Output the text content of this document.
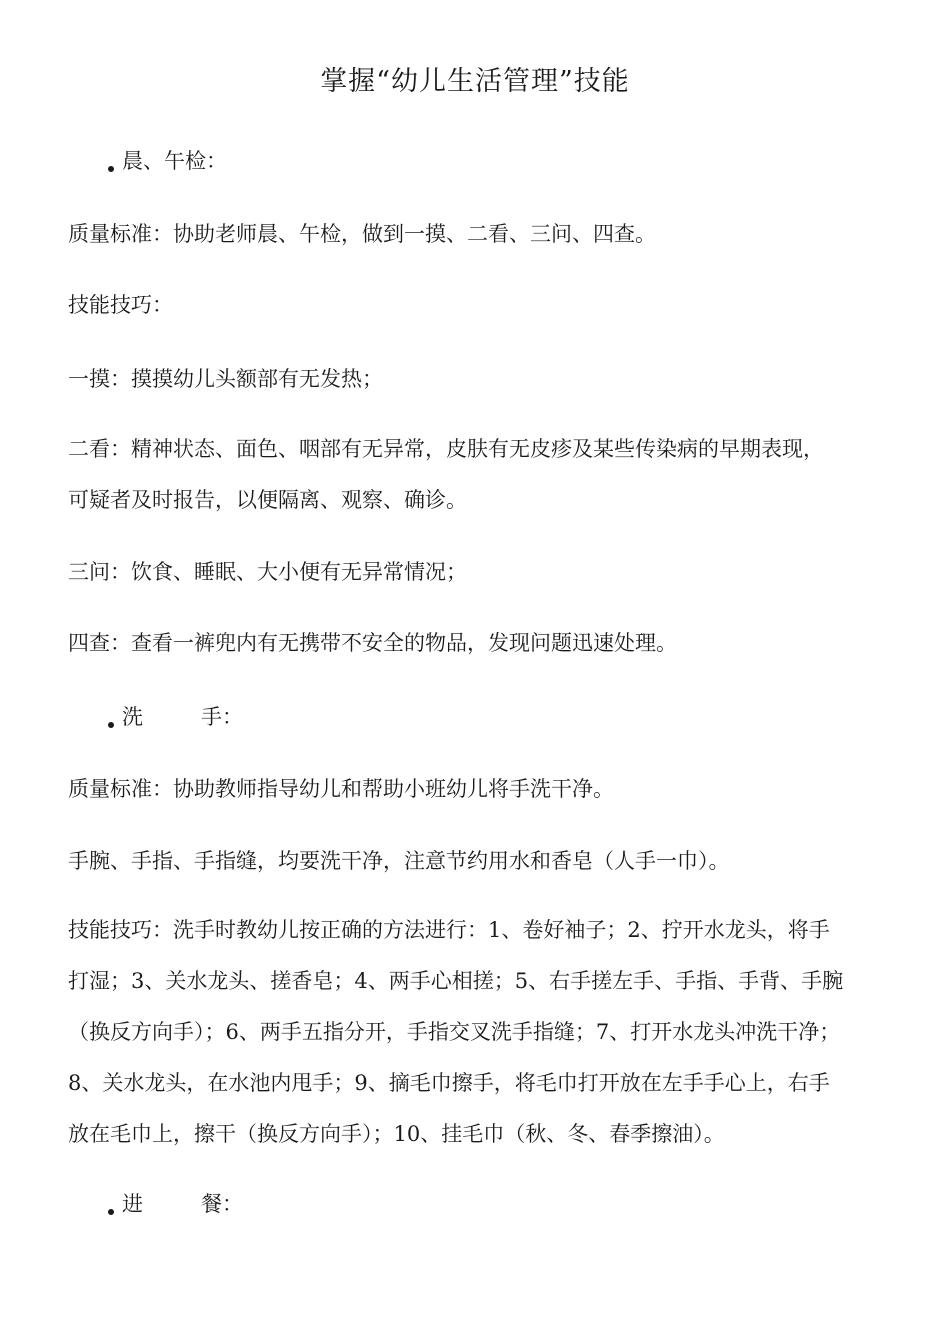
掌握“幼儿生活管理”技能
晨、午检：
质量标准：协助老师晨、午检，做到一摸、二看、三问、四查。
技能技巧：
一摸：摸摸幼儿头额部有无发热；
二看：精神状态、面色、咽部有无异常，皮肤有无皮疹及某些传染病的早期表现，
可疑者及时报告，以便隔离、观察、确诊。
三问：饮食、睡眠、大小便有无异常情况；
四查：查看一裤兜内有无携带不安全的物品，发现问题迅速处理。
洗	手：
质量标准：协助教师指导幼儿和帮助小班幼儿将手洗干净。
手腕、手指、手指缝，均要洗干净，注意节约用水和香皂（人手一巾）。
技能技巧：洗手时教幼儿按正确的方法进行：1、卷好袖子；2、拧开水龙头，将手
打湿；3、关水龙头、搓香皂；4、两手心相搓；5、右手搓左手、手指、手背、手腕
（换反方向手）；6、两手五指分开，手指交叉洗手指缝；7、打开水龙头冲洗干净；
8、关水龙头，在水池内甩手；9、摘毛巾擦手，将毛巾打开放在左手手心上，右手
放在毛巾上，擦干（换反方向手）；10、挂毛巾（秋、冬、春季擦油）。
进	餐：
